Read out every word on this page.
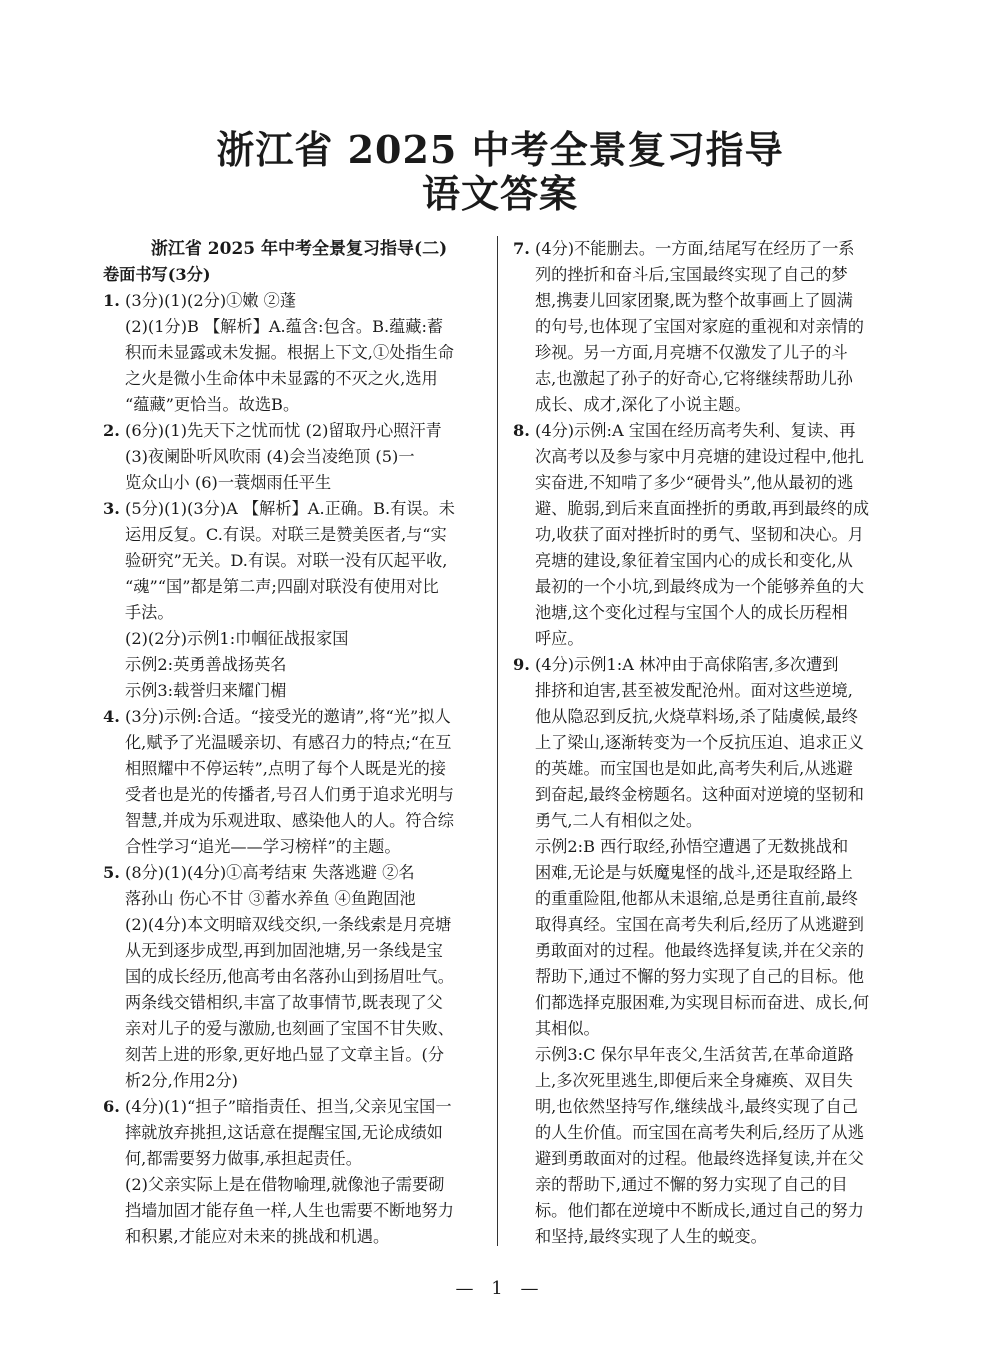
浙江省 2025 中考全景复习指导
语文答案
浙江省 2025 年中考全景复习指导(二)
卷面书写(3分)
1. (3分)(1)(2分)①嫩 ②蓬
(2)(1分)B 【解析】A.蕴含:包含。B.蕴藏:蓄
积而未显露或未发掘。根据上下文,①处指生命
之火是微小生命体中未显露的不灭之火,选用
“蕴藏”更恰当。故选B。
2. (6分)(1)先天下之忧而忧 (2)留取丹心照汗青
(3)夜阑卧听风吹雨 (4)会当凌绝顶 (5)一
览众山小 (6)一蓑烟雨任平生
3. (5分)(1)(3分)A 【解析】A.正确。B.有误。未
运用反复。C.有误。对联三是赞美医者,与“实
验研究”无关。D.有误。对联一没有仄起平收,
“魂”“国”都是第二声;四副对联没有使用对比
手法。
(2)(2分)示例1:巾帼征战报家国
示例2:英勇善战扬英名
示例3:载誉归来耀门楣
4. (3分)示例:合适。“接受光的邀请”,将“光”拟人
化,赋予了光温暖亲切、有感召力的特点;“在互
相照耀中不停运转”,点明了每个人既是光的接
受者也是光的传播者,号召人们勇于追求光明与
智慧,并成为乐观进取、感染他人的人。符合综
合性学习“追光——学习榜样”的主题。
5. (8分)(1)(4分)①高考结束 失落逃避 ②名
落孙山 伤心不甘 ③蓄水养鱼 ④鱼跑固池
(2)(4分)本文明暗双线交织,一条线索是月亮塘
从无到逐步成型,再到加固池塘,另一条线是宝
国的成长经历,他高考由名落孙山到扬眉吐气。
两条线交错相织,丰富了故事情节,既表现了父
亲对儿子的爱与激励,也刻画了宝国不甘失败、
刻苦上进的形象,更好地凸显了文章主旨。(分
析2分,作用2分)
6. (4分)(1)“担子”暗指责任、担当,父亲见宝国一
摔就放弃挑担,这话意在提醒宝国,无论成绩如
何,都需要努力做事,承担起责任。
(2)父亲实际上是在借物喻理,就像池子需要砌
挡墙加固才能存鱼一样,人生也需要不断地努力
和积累,才能应对未来的挑战和机遇。
7. (4分)不能删去。一方面,结尾写在经历了一系
列的挫折和奋斗后,宝国最终实现了自己的梦
想,携妻儿回家团聚,既为整个故事画上了圆满
的句号,也体现了宝国对家庭的重视和对亲情的
珍视。另一方面,月亮塘不仅激发了儿子的斗
志,也激起了孙子的好奇心,它将继续帮助儿孙
成长、成才,深化了小说主题。
8. (4分)示例:A 宝国在经历高考失利、复读、再
次高考以及参与家中月亮塘的建设过程中,他扎
实奋进,不知啃了多少“硬骨头”,他从最初的逃
避、脆弱,到后来直面挫折的勇敢,再到最终的成
功,收获了面对挫折时的勇气、坚韧和决心。月
亮塘的建设,象征着宝国内心的成长和变化,从
最初的一个小坑,到最终成为一个能够养鱼的大
池塘,这个变化过程与宝国个人的成长历程相
呼应。
9. (4分)示例1:A 林冲由于高俅陷害,多次遭到
排挤和迫害,甚至被发配沧州。面对这些逆境,
他从隐忍到反抗,火烧草料场,杀了陆虞候,最终
上了梁山,逐渐转变为一个反抗压迫、追求正义
的英雄。而宝国也是如此,高考失利后,从逃避
到奋起,最终金榜题名。这种面对逆境的坚韧和
勇气,二人有相似之处。
示例2:B 西行取经,孙悟空遭遇了无数挑战和
困难,无论是与妖魔鬼怪的战斗,还是取经路上
的重重险阻,他都从未退缩,总是勇往直前,最终
取得真经。宝国在高考失利后,经历了从逃避到
勇敢面对的过程。他最终选择复读,并在父亲的
帮助下,通过不懈的努力实现了自己的目标。他
们都选择克服困难,为实现目标而奋进、成长,何
其相似。
示例3:C 保尔早年丧父,生活贫苦,在革命道路
上,多次死里逃生,即便后来全身瘫痪、双目失
明,也依然坚持写作,继续战斗,最终实现了自己
的人生价值。而宝国在高考失利后,经历了从逃
避到勇敢面对的过程。他最终选择复读,并在父
亲的帮助下,通过不懈的努力实现了自己的目
标。他们都在逆境中不断成长,通过自己的努力
和坚持,最终实现了人生的蜕变。
— 1 —
